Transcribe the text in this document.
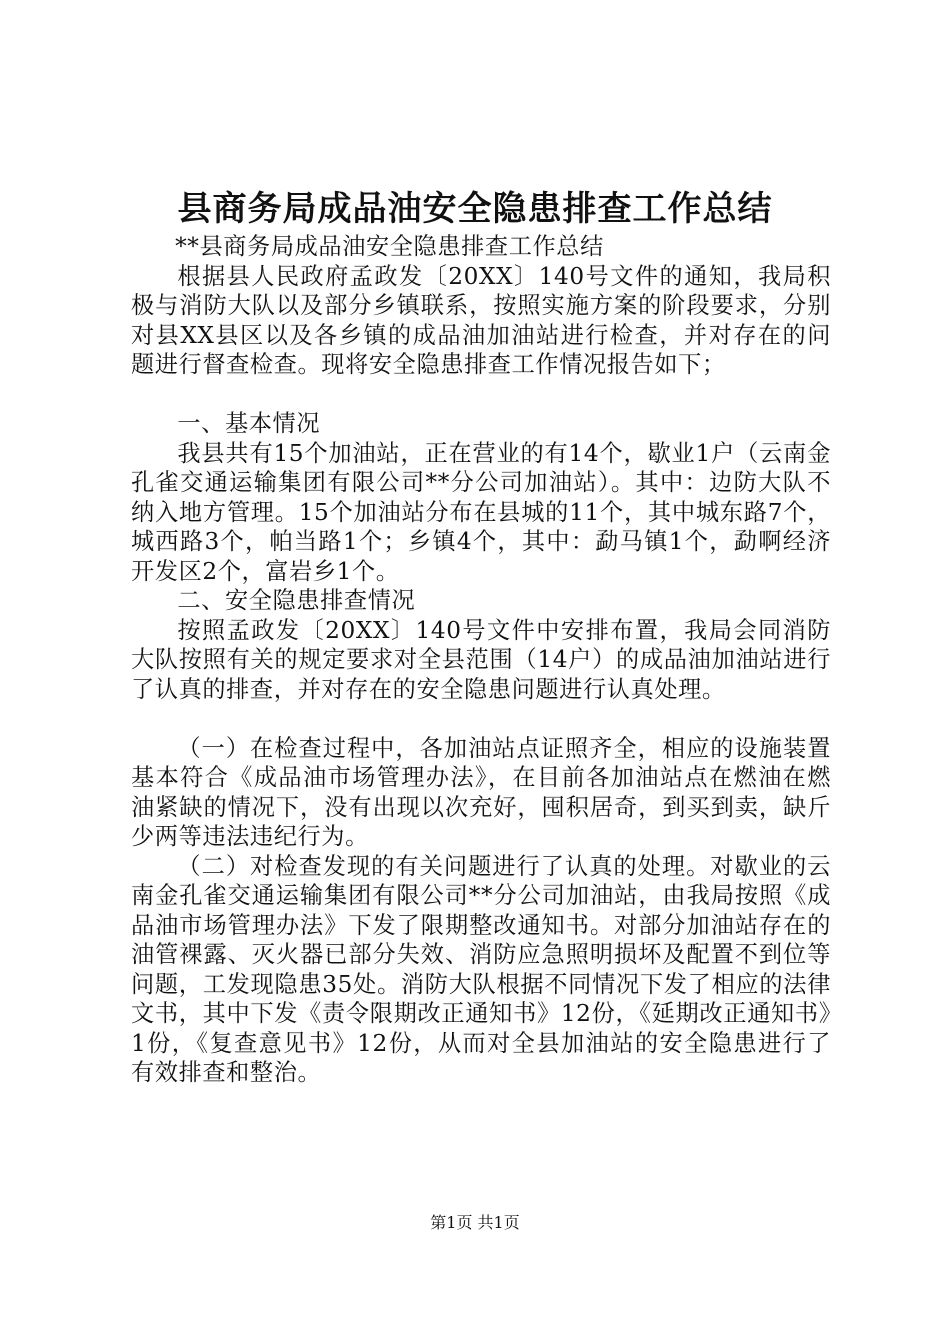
县商务局成品油安全隐患排查工作总结

**县商务局成品油安全隐患排查工作总结

根据县人民政府孟政发〔20XX〕140号文件的通知，我局积极与消防大队以及部分乡镇联系，按照实施方案的阶段要求，分别对县XX县区以及各乡镇的成品油加油站进行检查，并对存在的问题进行督查检查。现将安全隐患排查工作情况报告如下；

一、基本情况

我县共有15个加油站，正在营业的有14个，歇业1户（云南金孔雀交通运输集团有限公司**分公司加油站）。其中：边防大队不纳入地方管理。15个加油站分布在县城的11个，其中城东路7个，城西路3个，帕当路1个；乡镇4个，其中：勐马镇1个，勐啊经济开发区2个，富岩乡1个。

二、安全隐患排查情况

按照孟政发〔20XX〕140号文件中安排布置，我局会同消防大队按照有关的规定要求对全县范围（14户）的成品油加油站进行了认真的排查，并对存在的安全隐患问题进行认真处理。

（一）在检查过程中，各加油站点证照齐全，相应的设施装置基本符合《成品油市场管理办法》，在目前各加油站点在燃油在燃油紧缺的情况下，没有出现以次充好，囤积居奇，到买到卖，缺斤少两等违法违纪行为。

（二）对检查发现的有关问题进行了认真的处理。对歇业的云南金孔雀交通运输集团有限公司**分公司加油站，由我局按照《成品油市场管理办法》下发了限期整改通知书。对部分加油站存在的油管裸露、灭火器已部分失效、消防应急照明损坏及配置不到位等问题，工发现隐患35处。消防大队根据不同情况下发了相应的法律文书，其中下发《责令限期改正通知书》12份，《延期改正通知书》1份，《复查意见书》12份，从而对全县加油站的安全隐患进行了有效排查和整治。

第1页 共1页
